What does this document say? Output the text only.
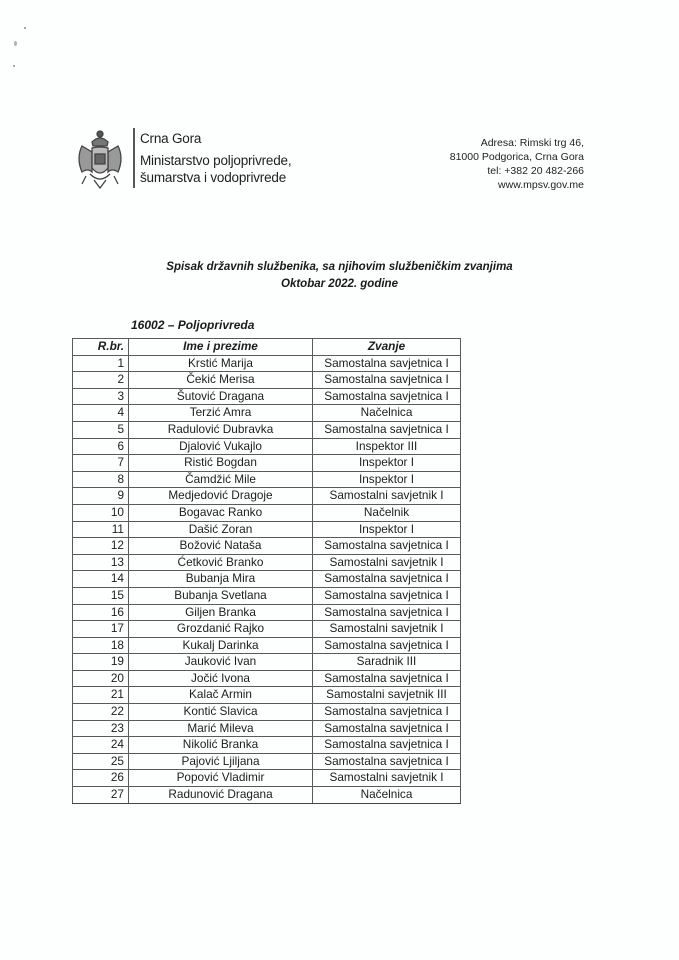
Crna Gora
Ministarstvo poljoprivrede,
šumarstva i vodoprivrede
Adresa: Rimski trg 46,
81000 Podgorica, Crna Gora
tel: +382 20 482-266
www.mpsv.gov.me
Spisak državnih službenika, sa njihovim službeničkim zvanjima
Oktobar 2022. godine
16002 – Poljoprivreda
R.br.	Ime i prezime	Zvanje
1	Krstić Marija	Samostalna savjetnica I
2	Čekić Merisa	Samostalna savjetnica I
3	Šutović Dragana	Samostalna savjetnica I
4	Terzić Amra	Načelnica
5	Radulović Dubravka	Samostalna savjetnica I
6	Djalović Vukajlo	Inspektor III
7	Ristić Bogdan	Inspektor I
8	Čamdžić Mile	Inspektor I
9	Medjedović Dragoje	Samostalni savjetnik I
10	Bogavac Ranko	Načelnik
11	Dašić Zoran	Inspektor I
12	Božović Nataša	Samostalna savjetnica I
13	Ćetković Branko	Samostalni savjetnik I
14	Bubanja Mira	Samostalna savjetnica I
15	Bubanja Svetlana	Samostalna savjetnica I
16	Giljen Branka	Samostalna savjetnica I
17	Grozdanić Rajko	Samostalni savjetnik I
18	Kukalj Darinka	Samostalna savjetnica I
19	Jauković Ivan	Saradnik III
20	Jočić Ivona	Samostalna savjetnica I
21	Kalač Armin	Samostalni savjetnik III
22	Kontić Slavica	Samostalna savjetnica I
23	Marić Mileva	Samostalna savjetnica I
24	Nikolić Branka	Samostalna savjetnica I
25	Pajović Ljiljana	Samostalna savjetnica I
26	Popović Vladimir	Samostalni savjetnik I
27	Radunović Dragana	Načelnica
